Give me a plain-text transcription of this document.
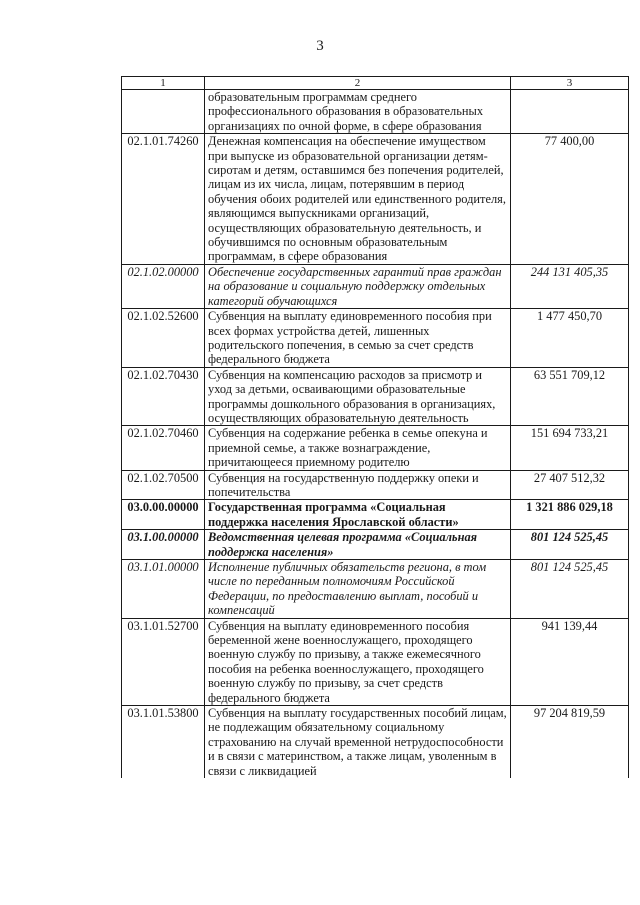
3
1	2	3
	образовательным программам среднего профессионального образования в образовательных организациях по очной форме, в сфере образования	
02.1.01.74260	Денежная компенсация на обеспечение имуществом при выпуске из образовательной организации детям-сиротам и детям, оставшимся без попечения родителей, лицам из их числа, лицам, потерявшим в период обучения обоих родителей или единственного родителя, являющимся выпускниками организаций, осуществляющих образовательную деятельность, и обучившимся по основным образовательным программам, в сфере образования	77 400,00
02.1.02.00000	Обеспечение государственных гарантий прав граждан на образование и социальную поддержку отдельных категорий обучающихся	244 131 405,35
02.1.02.52600	Субвенция на выплату единовременного пособия при всех формах устройства детей, лишенных родительского попечения, в семью за счет средств федерального бюджета	1 477 450,70
02.1.02.70430	Субвенция на компенсацию расходов за присмотр и уход за детьми, осваивающими образовательные программы дошкольного образования в организациях, осуществляющих образовательную деятельность	63 551 709,12
02.1.02.70460	Субвенция на содержание ребенка в семье опекуна и приемной семье, а также вознаграждение, причитающееся приемному родителю	151 694 733,21
02.1.02.70500	Субвенция на государственную поддержку опеки и попечительства	27 407 512,32
03.0.00.00000	Государственная программа «Социальная поддержка населения Ярославской области»	1 321 886 029,18
03.1.00.00000	Ведомственная целевая программа «Социальная поддержка населения»	801 124 525,45
03.1.01.00000	Исполнение публичных обязательств региона, в том числе по переданным полномочиям Российской Федерации, по предоставлению выплат, пособий и компенсаций	801 124 525,45
03.1.01.52700	Субвенция на выплату единовременного пособия беременной жене военнослужащего, проходящего военную службу по призыву, а также ежемесячного пособия на ребенка военнослужащего, проходящего военную службу по призыву, за счет средств федерального бюджета	941 139,44
03.1.01.53800	Субвенция на выплату государственных пособий лицам, не подлежащим обязательному социальному страхованию на случай временной нетрудоспособности и в связи с материнством, а также лицам, уволенным в связи с ликвидацией	97 204 819,59
